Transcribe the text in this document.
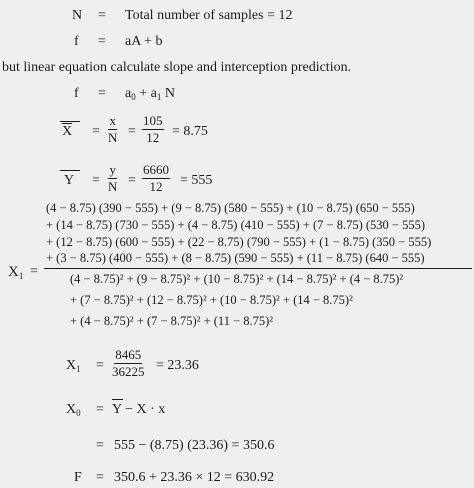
N = Total number of samples = 12
f = aA + b
but linear equation calculate slope and interception prediction.
$f = a_0 + a_1$ N
$\overline{X} = \frac{x}{N} = \frac{105}{12} = 8.75$
$Y = \frac{y}{N} = \frac{6660}{12} = 555$
$X_1$ =
(4 − 8.75) (390 − 555) + (9 − 8.75) (580 − 555) + (10 − 8.75) (650 − 555)
+ (14 − 8.75) (730 − 555) + (4 − 8.75) (410 − 555) + (7 − 8.75) (530 − 555)
+ (12 − 8.75) (600 − 555) + (22 − 8.75) (790 − 555) + (1 − 8.75) (350 − 555)
+ (3 − 8.75) (400 − 555) + (8 − 8.75) (590 − 555) + (11 − 8.75) (640 − 555)
(4 − 8.75)² + (9 − 8.75)² + (10 − 8.75)² + (14 − 8.75)² + (4 − 8.75)²
+ (7 − 8.75)² + (12 − 8.75)² + (10 − 8.75)² + (14 − 8.75)²
+ (4 − 8.75)² + (7 − 8.75)² + (11 − 8.75)²
$X_1 = \frac{8465}{36225} = 23.36$
$X_0 = Y - X \cdot x$
= 555 − (8.75) (23.36) = 350.6
F = 350.6 + 23.36 × 12 = 630.92
